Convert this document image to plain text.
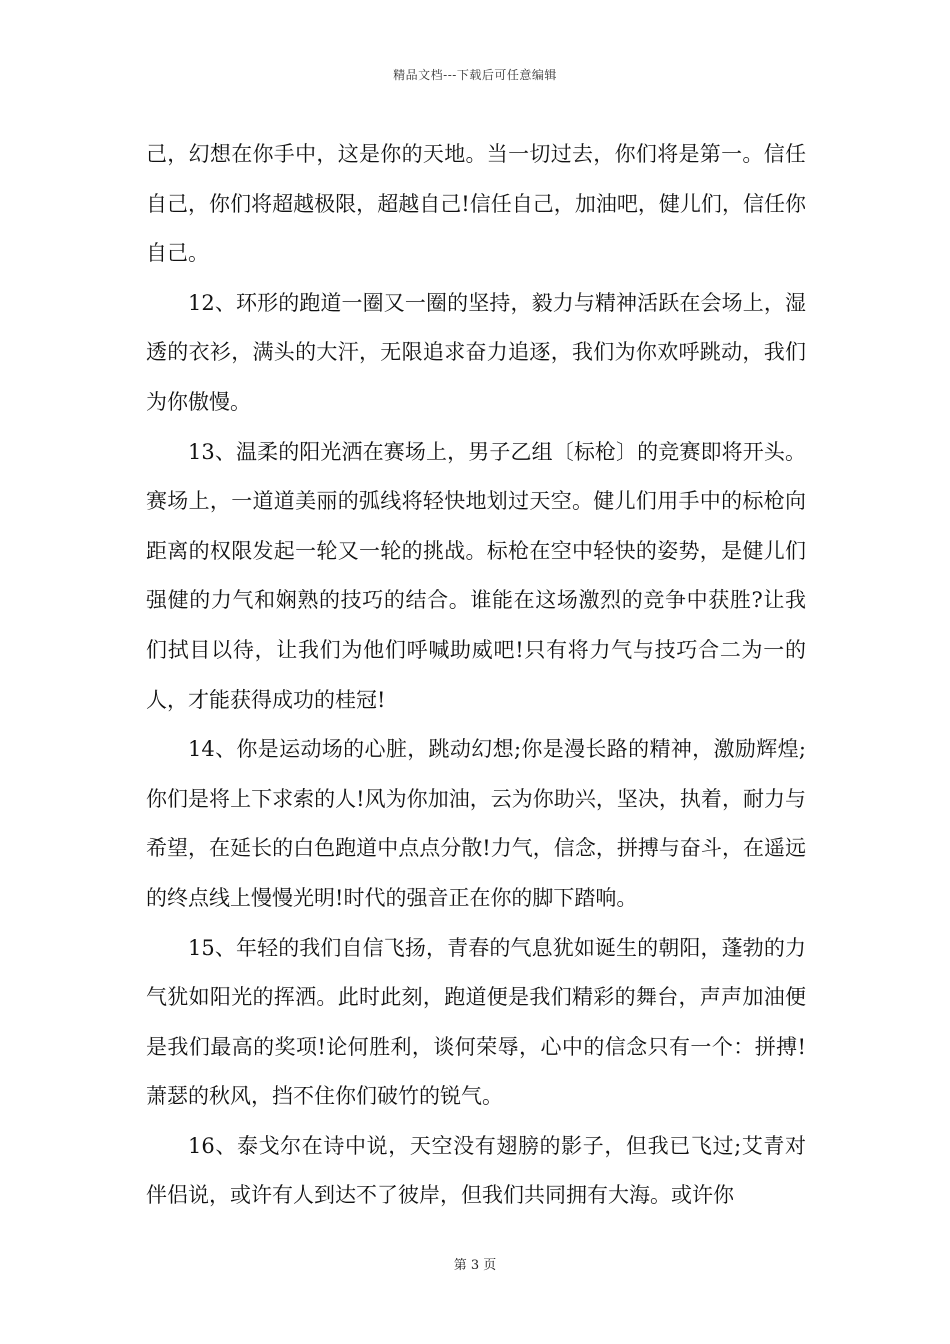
精品文档---下载后可任意编辑

己，幻想在你手中，这是你的天地。当一切过去，你们将是第一。信任自己，你们将超越极限，超越自己!信任自己，加油吧，健儿们，信任你自己。

12、环形的跑道一圈又一圈的坚持，毅力与精神活跃在会场上，湿透的衣衫，满头的大汗，无限追求奋力追逐，我们为你欢呼跳动，我们为你傲慢。

13、温柔的阳光洒在赛场上，男子乙组〔标枪〕的竞赛即将开头。赛场上，一道道美丽的弧线将轻快地划过天空。健儿们用手中的标枪向距离的权限发起一轮又一轮的挑战。标枪在空中轻快的姿势，是健儿们强健的力气和娴熟的技巧的结合。谁能在这场激烈的竞争中获胜?让我们拭目以待，让我们为他们呼喊助威吧!只有将力气与技巧合二为一的人，才能获得成功的桂冠!

14、你是运动场的心脏，跳动幻想;你是漫长路的精神，激励辉煌;你们是将上下求索的人!风为你加油，云为你助兴，坚决，执着，耐力与希望，在延长的白色跑道中点点分散!力气，信念，拼搏与奋斗，在遥远的终点线上慢慢光明!时代的强音正在你的脚下踏响。

15、年轻的我们自信飞扬，青春的气息犹如诞生的朝阳，蓬勃的力气犹如阳光的挥洒。此时此刻，跑道便是我们精彩的舞台，声声加油便是我们最高的奖项!论何胜利，谈何荣辱，心中的信念只有一个：拼搏!萧瑟的秋风，挡不住你们破竹的锐气。

16、泰戈尔在诗中说，天空没有翅膀的影子，但我已飞过;艾青对伴侣说，或许有人到达不了彼岸，但我们共同拥有大海。或许你

第 3 页
